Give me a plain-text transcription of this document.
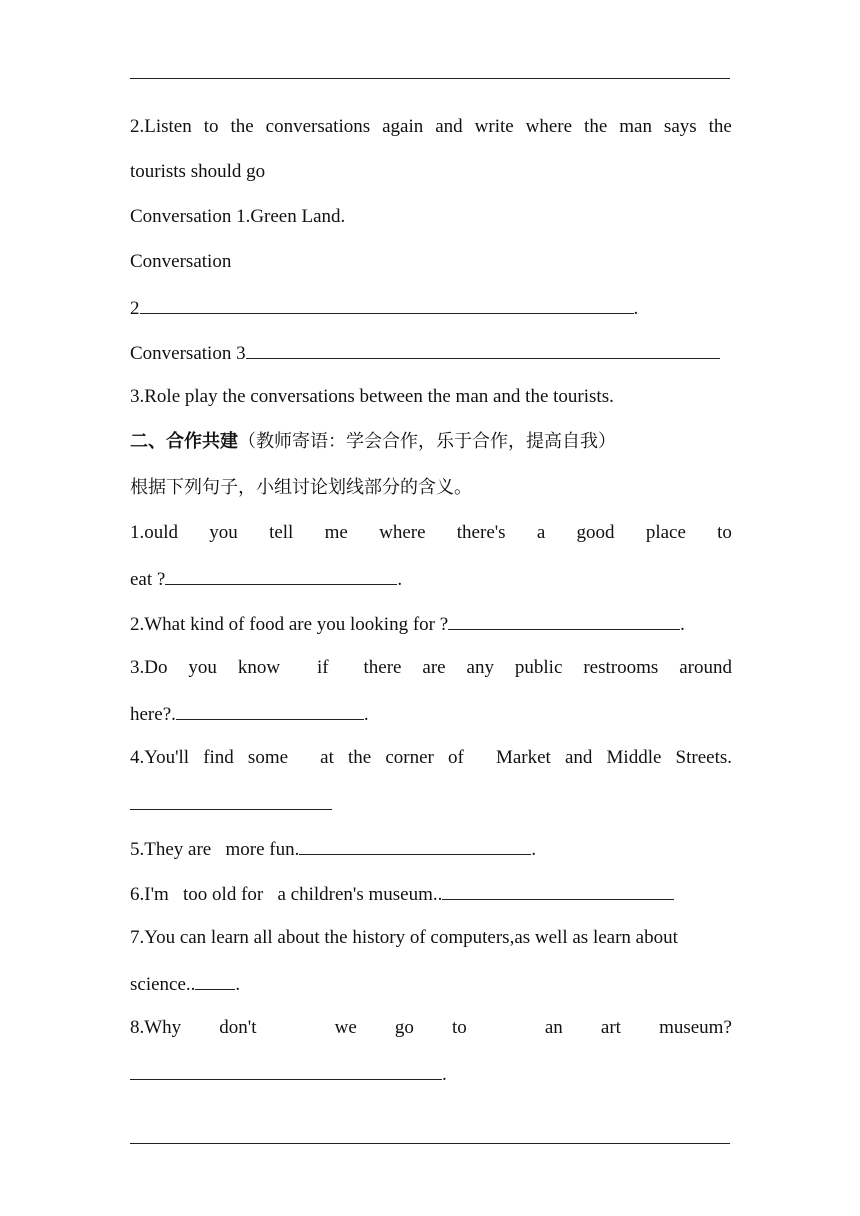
2.Listen to the conversations again and write where the man says the
tourists should go
Conversation 1.Green Land.
Conversation
2	.
Conversation 3
3.Role play the conversations between the man and the tourists.
二、合作共建（教师寄语：学会合作，乐于合作，提高自我）
根据下列句子，小组讨论划线部分的含义。
1.ould you tell me where there's a good place to
eat ?	.
2.What kind of food are you looking for ?	.
3.Do you know if there are any public restrooms around
here?.	.
4.You'll find some at the corner of Market and Middle Streets.
5.They are   more fun.	.
6.I'm   too old for   a children's museum..
7.You can learn all about the history of computers,as well as learn about
science.. .
8.Why don't	we go to	an art museum?
.
